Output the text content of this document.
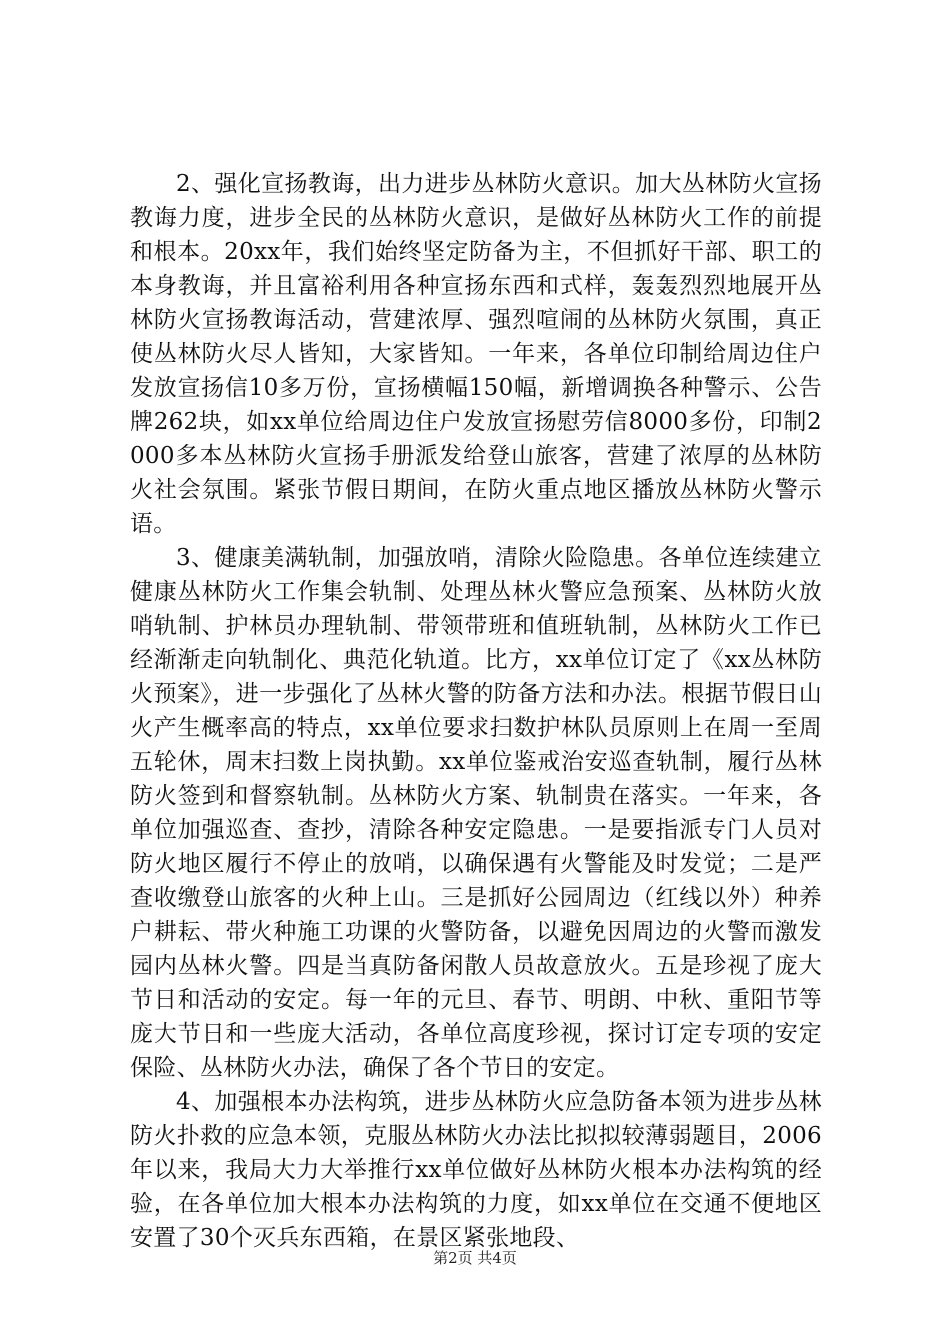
2、强化宣扬教诲，出力进步丛林防火意识。加大丛林防火宣扬教诲力度，进步全民的丛林防火意识，是做好丛林防火工作的前提和根本。20xx年，我们始终坚定防备为主，不但抓好干部、职工的本身教诲，并且富裕利用各种宣扬东西和式样，轰轰烈烈地展开丛林防火宣扬教诲活动，营建浓厚、强烈喧闹的丛林防火氛围，真正使丛林防火尽人皆知，大家皆知。一年来，各单位印制给周边住户发放宣扬信10多万份，宣扬横幅150幅，新增调换各种警示、公告牌262块，如xx单位给周边住户发放宣扬慰劳信8000多份，印制2000多本丛林防火宣扬手册派发给登山旅客，营建了浓厚的丛林防火社会氛围。紧张节假日期间，在防火重点地区播放丛林防火警示语。

3、健康美满轨制，加强放哨，清除火险隐患。各单位连续建立健康丛林防火工作集会轨制、处理丛林火警应急预案、丛林防火放哨轨制、护林员办理轨制、带领带班和值班轨制，丛林防火工作已经渐渐走向轨制化、典范化轨道。比方，xx单位订定了《xx丛林防火预案》，进一步强化了丛林火警的防备方法和办法。根据节假日山火产生概率高的特点，xx单位要求扫数护林队员原则上在周一至周五轮休，周末扫数上岗执勤。xx单位鉴戒治安巡查轨制，履行丛林防火签到和督察轨制。丛林防火方案、轨制贵在落实。一年来，各单位加强巡查、查抄，清除各种安定隐患。一是要指派专门人员对防火地区履行不停止的放哨，以确保遇有火警能及时发觉；二是严查收缴登山旅客的火种上山。三是抓好公园周边（红线以外）种养户耕耘、带火种施工功课的火警防备，以避免因周边的火警而激发园内丛林火警。四是当真防备闲散人员故意放火。五是珍视了庞大节日和活动的安定。每一年的元旦、春节、明朗、中秋、重阳节等庞大节日和一些庞大活动，各单位高度珍视，探讨订定专项的安定保险、丛林防火办法，确保了各个节日的安定。

4、加强根本办法构筑，进步丛林防火应急防备本领为进步丛林防火扑救的应急本领，克服丛林防火办法比拟拟较薄弱题目，2006年以来，我局大力大举推行xx单位做好丛林防火根本办法构筑的经验，在各单位加大根本办法构筑的力度，如xx单位在交通不便地区安置了30个灭兵东西箱，在景区紧张地段、

第2页 共4页
